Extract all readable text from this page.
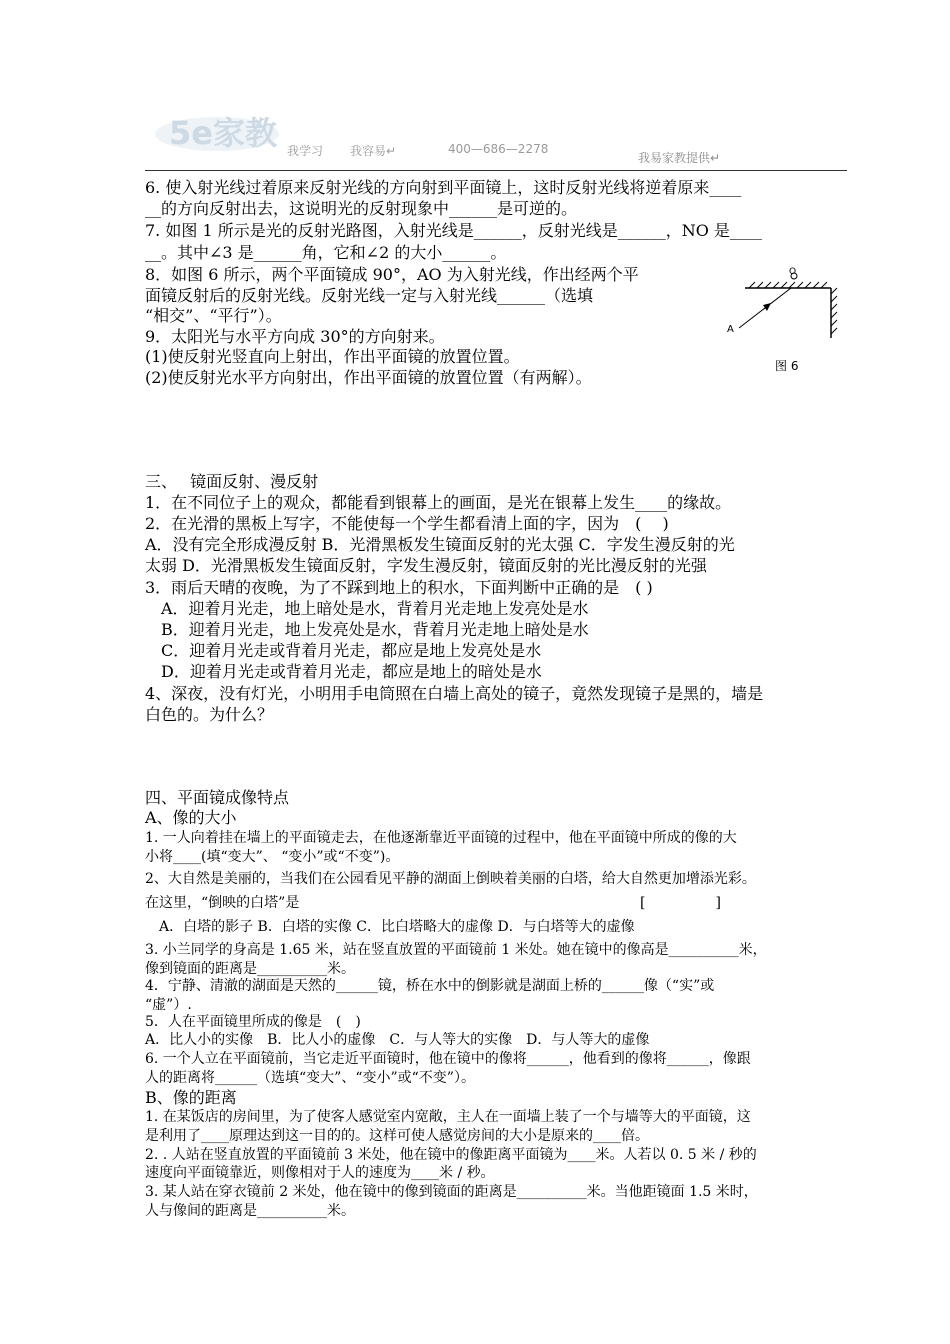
5e家教 我学习 我容易↵	400—686—2278
我易家教提供↵
6. 使入射光线过着原来反射光线的方向射到平面镜上，这时反射光线将逆着原来____
__的方向反射出去，这说明光的反射现象中______是可逆的。
7. 如图 1 所示是光的反射光路图，入射光线是______，反射光线是______，NO 是____
__。其中∠3 是______角，它和∠2 的大小______。
8．如图 6 所示，两个平面镜成 90°，AO 为入射光线，作出经两个平
面镜反射后的反射光线。反射光线一定与入射光线______（选填
“相交”、“平行”）。
9．太阳光与水平方向成 30°的方向射来。
(1)使反射光竖直向上射出，作出平面镜的放置位置。
(2)使反射光水平方向射出，作出平面镜的放置位置（有两解）。
O
A
图 6
三、　 镜面反射、漫反射
1．在不同位子上的观众，都能看到银幕上的画面，是光在银幕上发生____的缘故。
2．在光滑的黑板上写字，不能使每一个学生都看清上面的字，因为　(　 )
A．没有完全形成漫反射 B．光滑黑板发生镜面反射的光太强 C．字发生漫反射的光
太弱 D．光滑黑板发生镜面反射，字发生漫反射，镜面反射的光比漫反射的光强
3．雨后天晴的夜晚，为了不踩到地上的积水，下面判断中正确的是　( )
　A．迎着月光走，地上暗处是水，背着月光走地上发亮处是水
　B．迎着月光走，地上发亮处是水，背着月光走地上暗处是水
　C．迎着月光走或背着月光走，都应是地上发亮处是水
　D．迎着月光走或背着月光走，都应是地上的暗处是水
4、深夜，没有灯光，小明用手电筒照在白墙上高处的镜子，竟然发现镜子是黑的，墙是
白色的。为什么？
四、平面镜成像特点
A、像的大小
1. 一人向着挂在墙上的平面镜走去，在他逐渐靠近平面镜的过程中，他在平面镜中所成的像的大
小将____(填“变大”、 “变小”或“不变”)。
2、大自然是美丽的，当我们在公园看见平静的湖面上倒映着美丽的白塔，给大自然更加增添光彩。
在这里，“倒映的白塔”是	[　　　　　]
　A．白塔的影子 B．白塔的实像 C．比白塔略大的虚像 D．与白塔等大的虚像
3. 小兰同学的身高是 1.65 米，站在竖直放置的平面镜前 1 米处。她在镜中的像高是__________米，
像到镜面的距离是__________米。
4．宁静、清澈的湖面是天然的______镜，桥在水中的倒影就是湖面上桥的______像（“实”或
“虚”）.
5．人在平面镜里所成的像是　(　)
A．比人小的实像　B．比人小的虚像　C．与人等大的实像　D．与人等大的虚像
6. 一个人立在平面镜前，当它走近平面镜时，他在镜中的像将______，他看到的像将______，像跟
人的距离将______（选填“变大”、“变小”或“不变”）。
B、像的距离
1. 在某饭店的房间里，为了使客人感觉室内宽敞，主人在一面墙上装了一个与墙等大的平面镜，这
是利用了____原理达到这一目的的。这样可使人感觉房间的大小是原来的____倍。
2. . 人站在竖直放置的平面镜前 3 米处，他在镜中的像距离平面镜为____米。人若以 0. 5 米 / 秒的
速度向平面镜靠近，则像相对于人的速度为____米 / 秒。
3. 某人站在穿衣镜前 2 米处，他在镜中的像到镜面的距离是__________米。当他距镜面 1.5 米时，
人与像间的距离是__________米。
